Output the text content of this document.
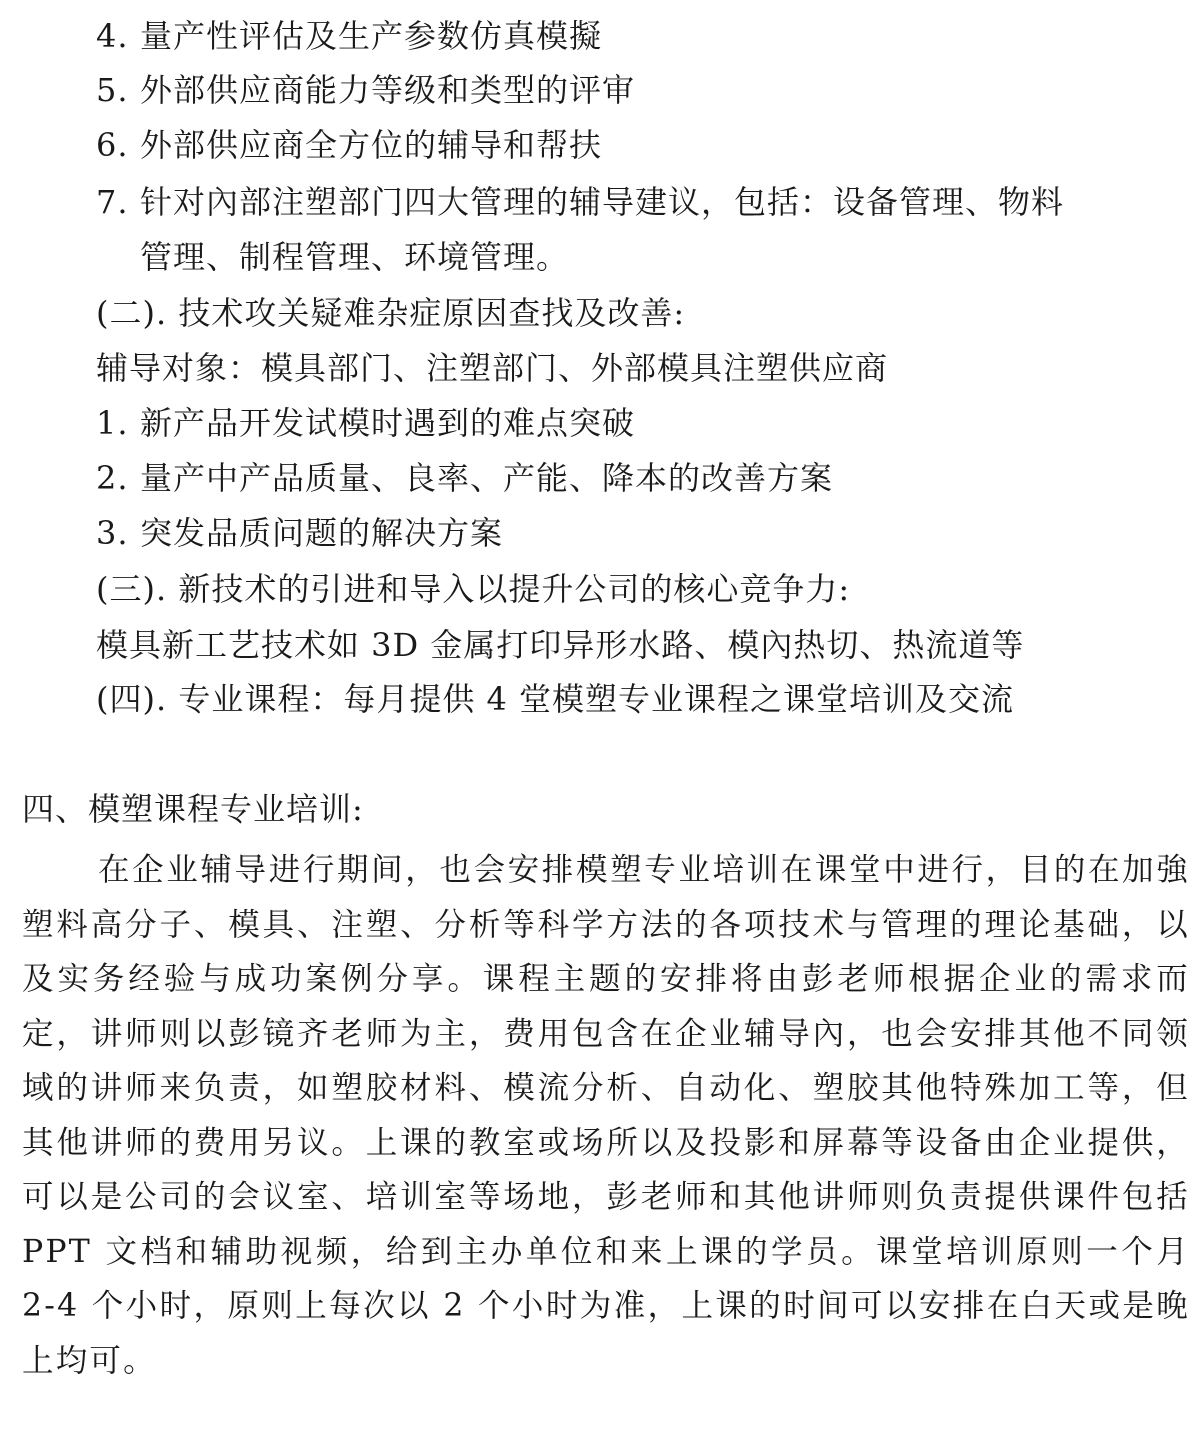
4. 量产性评估及生产参数仿真模擬
5. 外部供应商能力等级和类型的评审
6. 外部供应商全方位的辅导和帮扶
7. 针对內部注塑部门四大管理的辅导建议，包括：设备管理、物料
管理、制程管理、环境管理。
(二). 技术攻关疑难杂症原因查找及改善:
辅导对象：模具部门、注塑部门、外部模具注塑供应商
1. 新产品开发试模时遇到的难点突破
2. 量产中产品质量、良率、产能、降本的改善方案
3. 突发品质问题的解决方案
(三). 新技术的引进和导入以提升公司的核心竞争力:
模具新工艺技术如 3D 金属打印异形水路、模內热切、热流道等
(四). 专业课程：每月提供 4 堂模塑专业课程之课堂培训及交流
四、模塑课程专业培训:
在企业辅导进行期间，也会安排模塑专业培训在课堂中进行，目的在加強塑料高分子、模具、注塑、分析等科学方法的各项技术与管理的理论基础，以及实务经验与成功案例分享。课程主题的安排将由彭老师根据企业的需求而定，讲师则以彭镜齐老师为主，费用包含在企业辅导內，也会安排其他不同领域的讲师来负责，如塑胶材料、模流分析、自动化、塑胶其他特殊加工等，但其他讲师的费用另议。上课的教室或场所以及投影和屏幕等设备由企业提供，可以是公司的会议室、培训室等场地，彭老师和其他讲师则负责提供课件包括 PPT 文档和辅助视频，给到主办单位和来上课的学员。课堂培训原则一个月 2-4 个小时，原则上每次以 2 个小时为准，上课的时间可以安排在白天或是晚上均可。
